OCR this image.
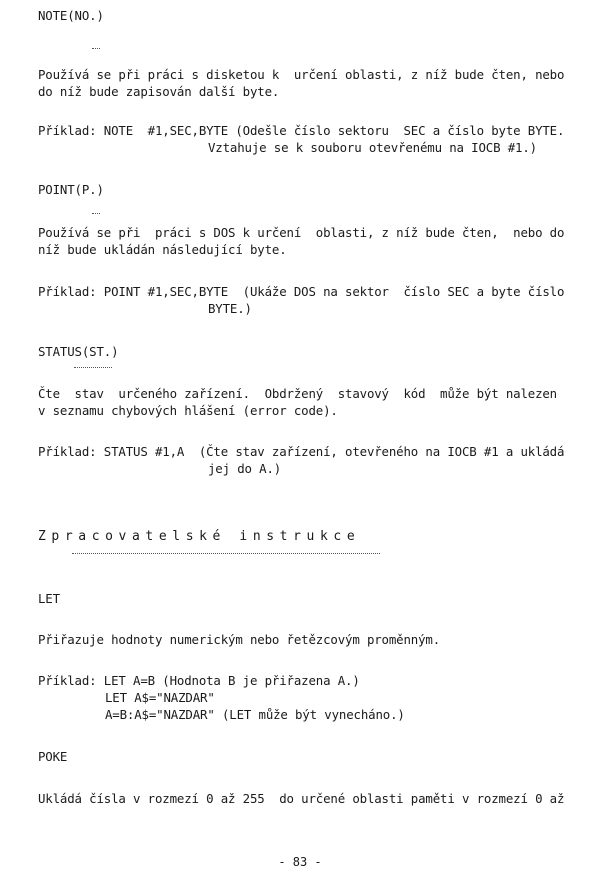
NOTE(NO.)

Používá se při práci s disketou k  určení oblasti, z níž bude čten, nebo

do níž bude zapisován další byte.

Příklad: NOTE  #1,SEC,BYTE (Odešle číslo sektoru  SEC a číslo byte BYTE.

Vztahuje se k souboru otevřenému na IOCB #1.)

POINT(P.)

Používá se při  práci s DOS k určení  oblasti, z níž bude čten,  nebo do

níž bude ukládán následující byte.

Příklad: POINT #1,SEC,BYTE  (Ukáže DOS na sektor  číslo SEC a byte číslo

BYTE.)

STATUS(ST.)

Čte  stav  určeného zařízení.  Obdržený  stavový  kód  může být nalezen

v seznamu chybových hlášení (error code).

Příklad: STATUS #1,A  (Čte stav zařízení, otevřeného na IOCB #1 a ukládá

jej do A.)

Zpracovatelské instrukce

LET

Přiřazuje hodnoty numerickým nebo řetězcovým proměnným.

Příklad: LET A=B (Hodnota B je přiřazena A.)

LET A$="NAZDAR"

A=B:A$="NAZDAR" (LET může být vynecháno.)

POKE

Ukládá čísla v rozmezí 0 až 255  do určené oblasti paměti v rozmezí 0 až

- 83 -
